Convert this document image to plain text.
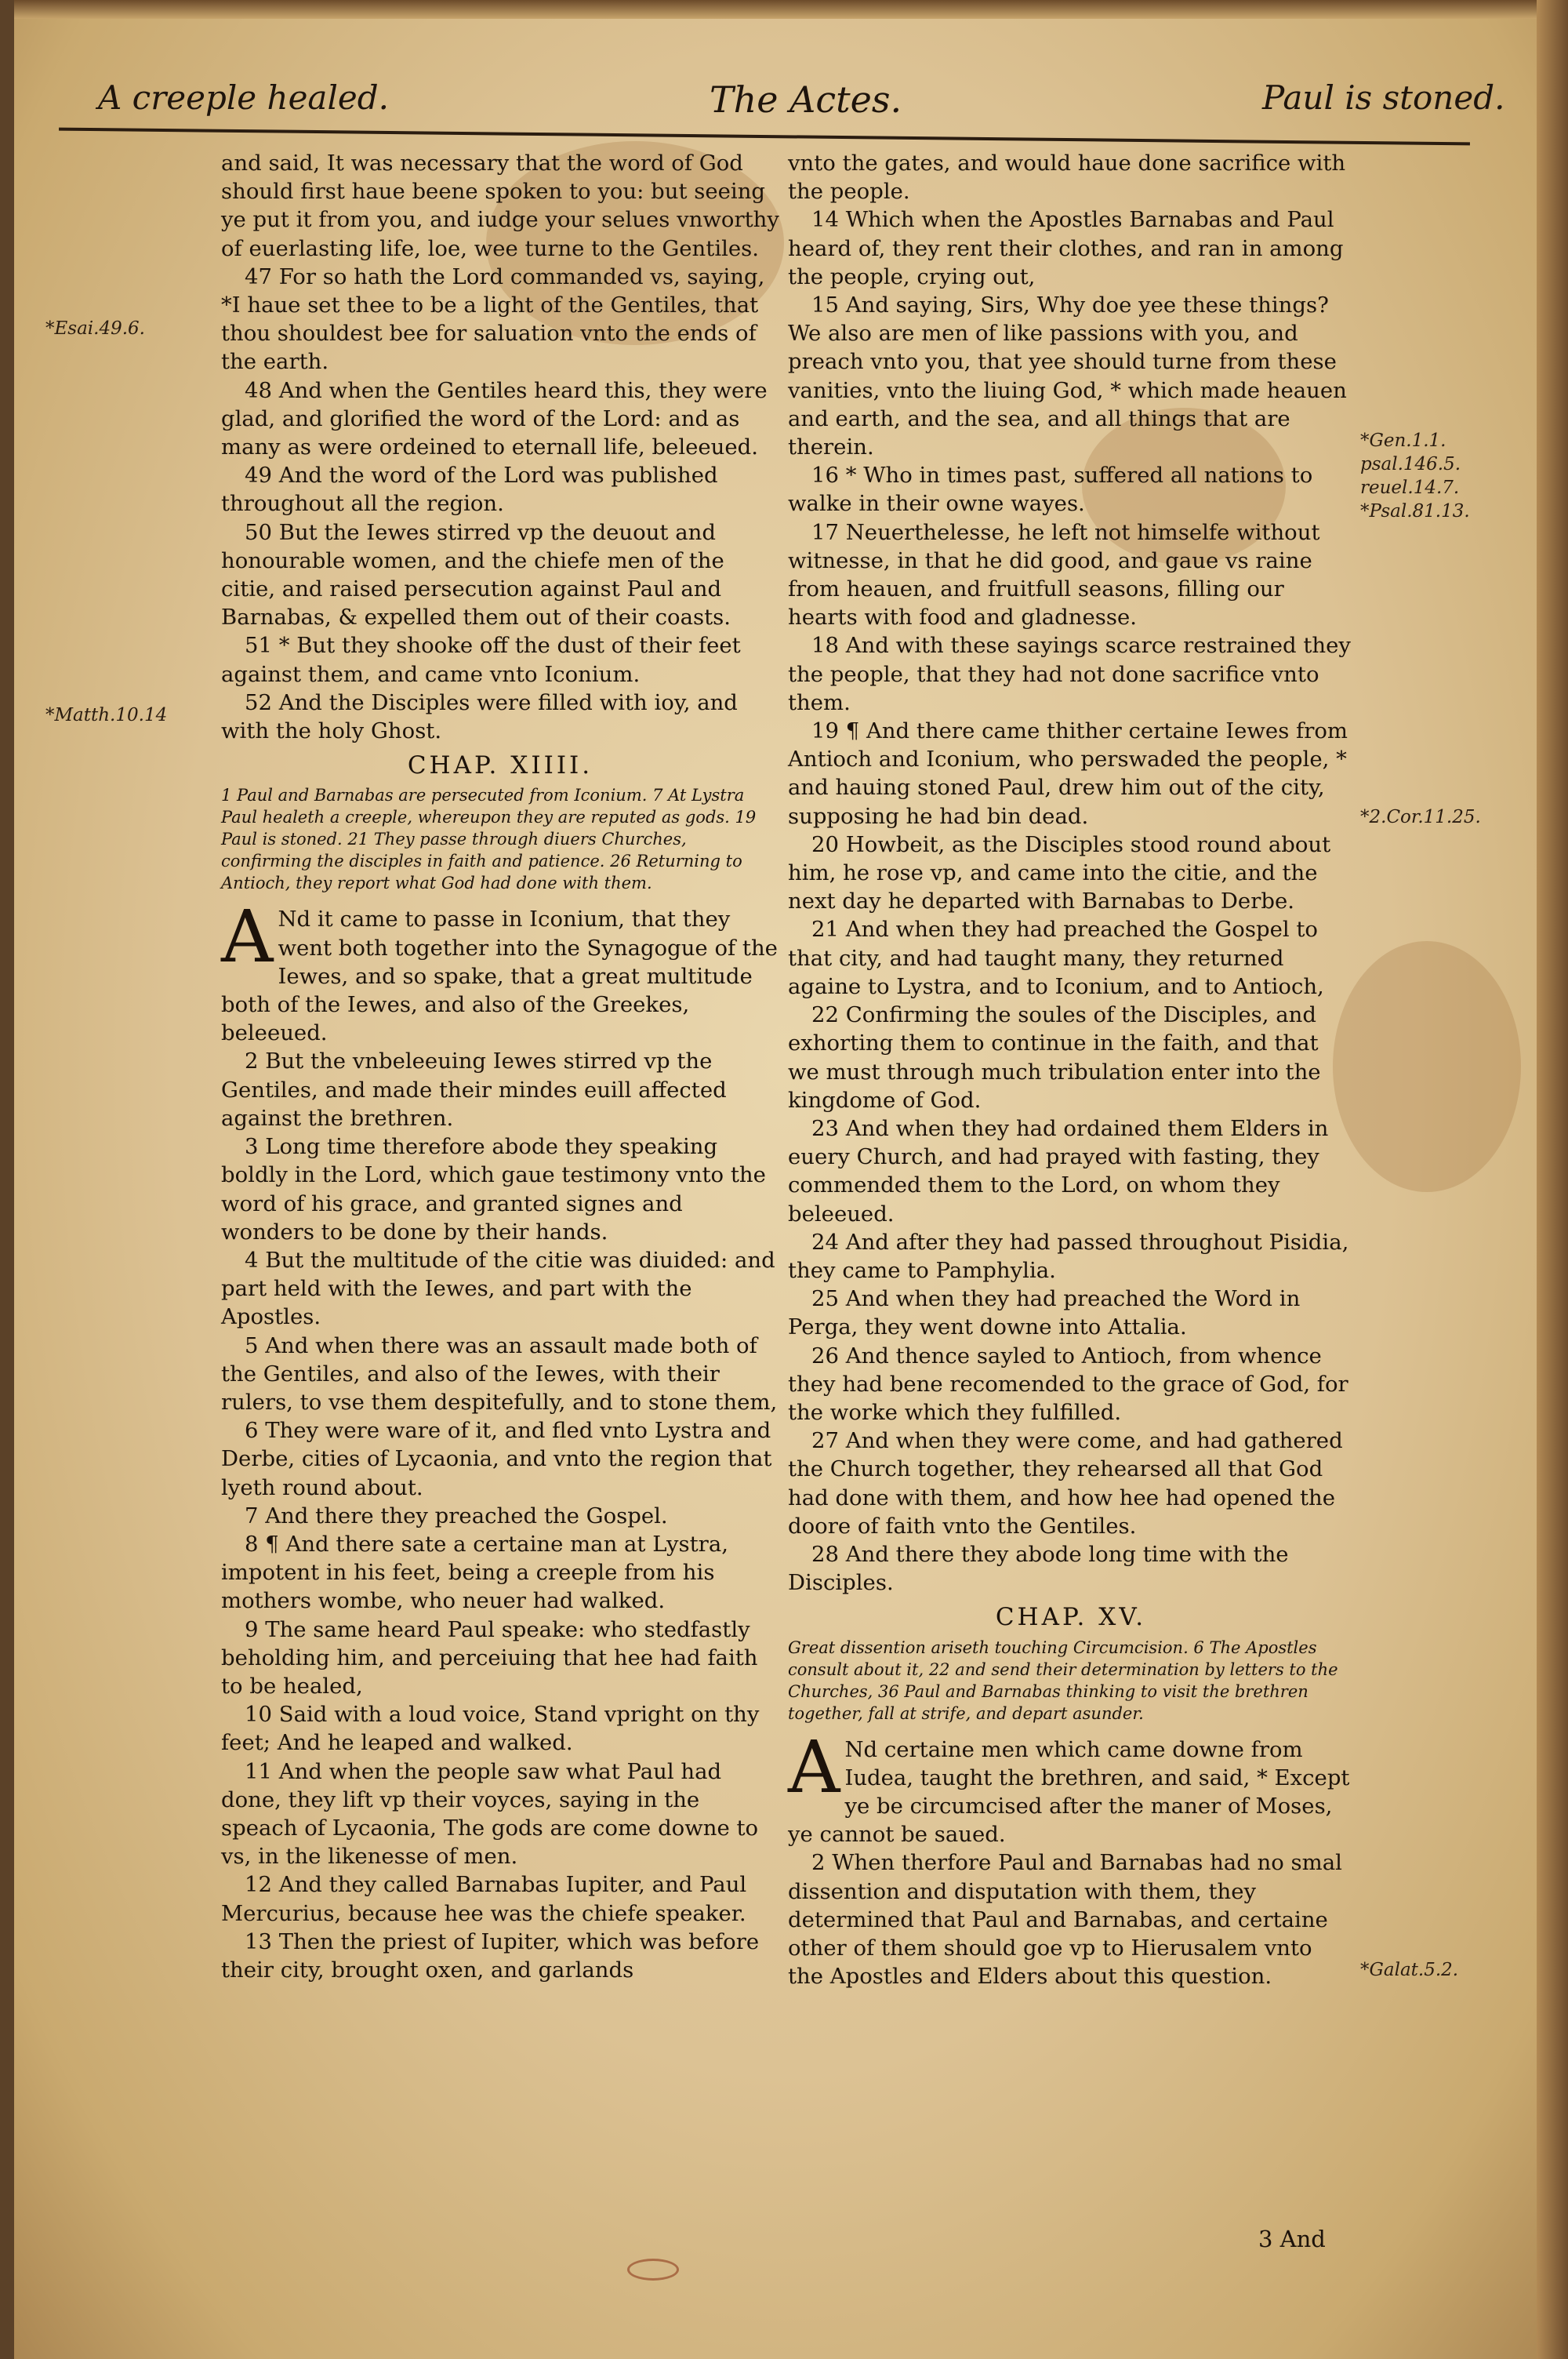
A creeple healed.	The Actes.	Paul is stoned.

and said, It was necessary that the word of God should first haue beene spoken to you: but seeing ye put it from you, and iudge your selues vnworthy of euerlasting life, loe, wee turne to the Gentiles.

47 For so hath the Lord commanded vs, saying, *I haue set thee to be a light of the Gentiles, that thou shouldest bee for saluation vnto the ends of the earth.

48 And when the Gentiles heard this, they were glad, and glorified the word of the Lord: and as many as were ordeined to eternall life, beleeued.

49 And the word of the Lord was published throughout all the region.

50 But the Iewes stirred vp the deuout and honourable women, and the chiefe men of the citie, and raised persecution against Paul and Barnabas, & expelled them out of their coasts.

51 * But they shooke off the dust of their feet against them, and came vnto Iconium.

52 And the Disciples were filled with ioy, and with the holy Ghost.

CHAP. XIIII.

1 Paul and Barnabas are persecuted from Iconium. 7 At Lystra Paul healeth a creeple, whereupon they are reputed as gods. 19 Paul is stoned. 21 They passe through diuers Churches, confirming the disciples in faith and patience. 26 Returning to Antioch, they report what God had done with them.

A Nd it came to passe in Iconium, that they went both together into the Synagogue of the Iewes, and so spake, that a great multitude both of the Iewes, and also of the Greekes, beleeued.

2 But the vnbeleeuing Iewes stirred vp the Gentiles, and made their mindes euill affected against the brethren.

3 Long time therefore abode they speaking boldly in the Lord, which gaue testimony vnto the word of his grace, and granted signes and wonders to be done by their hands.

4 But the multitude of the citie was diuided: and part held with the Iewes, and part with the Apostles.

5 And when there was an assault made both of the Gentiles, and also of the Iewes, with their rulers, to vse them despitefully, and to stone them,

6 They were ware of it, and fled vnto Lystra and Derbe, cities of Lycaonia, and vnto the region that lyeth round about.

7 And there they preached the Gospel.

8 ¶ And there sate a certaine man at Lystra, impotent in his feet, being a creeple from his mothers wombe, who neuer had walked.

9 The same heard Paul speake: who stedfastly beholding him, and perceiuing that hee had faith to be healed,

10 Said with a loud voice, Stand vpright on thy feet; And he leaped and walked.

11 And when the people saw what Paul had done, they lift vp their voyces, saying in the speach of Lycaonia, The gods are come downe to vs, in the likenesse of men.

12 And they called Barnabas Iupiter, and Paul Mercurius, because hee was the chiefe speaker.

13 Then the priest of Iupiter, which was before their city, brought oxen, and garlands

vnto the gates, and would haue done sacrifice with the people.

14 Which when the Apostles Barnabas and Paul heard of, they rent their clothes, and ran in among the people, crying out,

15 And saying, Sirs, Why doe yee these things? We also are men of like passions with you, and preach vnto you, that yee should turne from these vanities, vnto the liuing God, * which made heauen and earth, and the sea, and all things that are therein.

16 * Who in times past, suffered all nations to walke in their owne wayes.

17 Neuerthelesse, he left not himselfe without witnesse, in that he did good, and gaue vs raine from heauen, and fruitfull seasons, filling our hearts with food and gladnesse.

18 And with these sayings scarce restrained they the people, that they had not done sacrifice vnto them.

19 ¶ And there came thither certaine Iewes from Antioch and Iconium, who perswaded the people, * and hauing stoned Paul, drew him out of the city, supposing he had bin dead.

20 Howbeit, as the Disciples stood round about him, he rose vp, and came into the citie, and the next day he departed with Barnabas to Derbe.

21 And when they had preached the Gospel to that city, and had taught many, they returned againe to Lystra, and to Iconium, and to Antioch,

22 Confirming the soules of the Disciples, and exhorting them to continue in the faith, and that we must through much tribulation enter into the kingdome of God.

23 And when they had ordained them Elders in euery Church, and had prayed with fasting, they commended them to the Lord, on whom they beleeued.

24 And after they had passed throughout Pisidia, they came to Pamphylia.

25 And when they had preached the Word in Perga, they went downe into Attalia.

26 And thence sayled to Antioch, from whence they had bene recomended to the grace of God, for the worke which they fulfilled.

27 And when they were come, and had gathered the Church together, they rehearsed all that God had done with them, and how hee had opened the doore of faith vnto the Gentiles.

28 And there they abode long time with the Disciples.

CHAP. XV.

Great dissention ariseth touching Circumcision. 6 The Apostles consult about it, 22 and send their determination by letters to the Churches, 36 Paul and Barnabas thinking to visit the brethren together, fall at strife, and depart asunder.

A Nd certaine men which came downe from Iudea, taught the brethren, and said, * Except ye be circumcised after the maner of Moses, ye cannot be saued.

2 When therfore Paul and Barnabas had no smal dissention and disputation with them, they determined that Paul and Barnabas, and certaine other of them should goe vp to Hierusalem vnto the Apostles and Elders about this question.

*Esai.49.6.
*Matth.10.14
*Gen.1.1.
psal.146.5.
reuel.14.7.
*Psal.81.13.
*2.Cor.11.25.
*Galat.5.2.
3 And
